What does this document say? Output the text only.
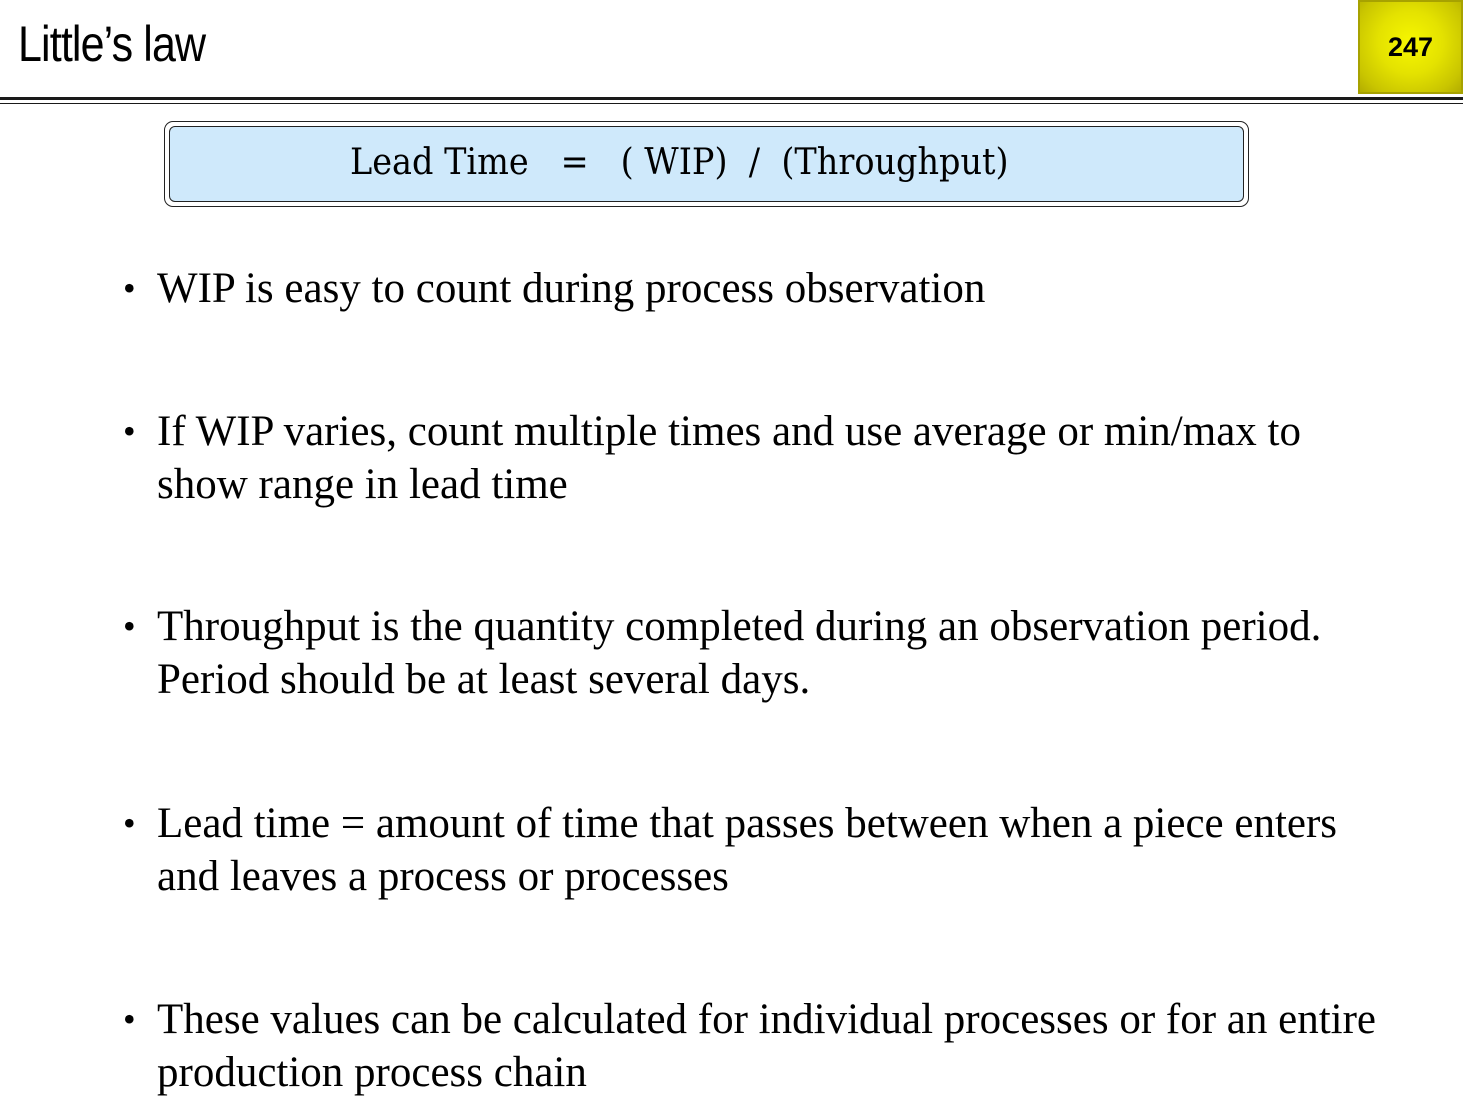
Little’s law	247
Lead Time   =   ( WIP)  /  (Throughput)
• WIP is easy to count during process observation
• If WIP varies, count multiple times and use average or min/max to show range in lead time
• Throughput is the quantity completed during an observation period. Period should be at least several days.
• Lead time = amount of time that passes between when a piece enters and leaves a process or processes
• These values can be calculated for individual processes or for an entire production process chain
